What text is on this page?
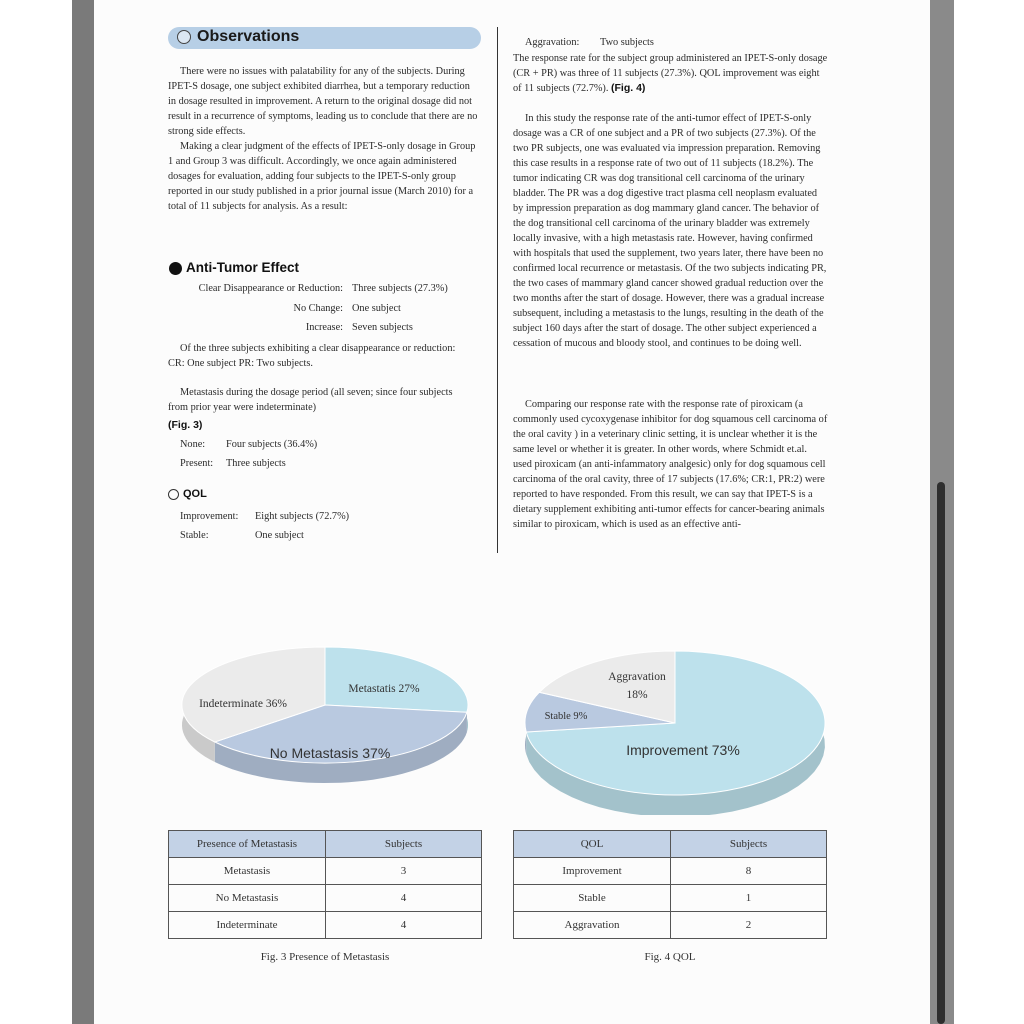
Observations

There were no issues with palatability for any of the subjects. During IPET-S dosage, one subject exhibited diarrhea, but a temporary reduction in dosage resulted in improvement. A return to the original dosage did not result in a recurrence of symptoms, leading us to conclude that there are no strong side effects.

Making a clear judgment of the effects of IPET-S-only dosage in Group 1 and Group 3 was difficult. Accordingly, we once again administered dosages for evaluation, adding four subjects to the IPET-S-only group reported in our study published in a prior journal issue (March 2010) for a total of 11 subjects for analysis. As a result:

Anti-Tumor Effect
Clear Disappearance or Reduction: Three subjects (27.3%)
No Change: One subject
Increase: Seven subjects
Of the three subjects exhibiting a clear disappearance or reduction: CR: One subject PR: Two subjects.
Metastasis during the dosage period (all seven; since four subjects from prior year were indeterminate)
(Fig. 3)
None: Four subjects (36.4%)
Present: Three subjects
QOL
Improvement: Eight subjects (72.7%)
Stable:	One subject
Aggravation: Two subjects
The response rate for the subject group administered an IPET-S-only dosage (CR + PR) was three of 11 subjects (27.3%). QOL improvement was eight of 11 subjects (72.7%). (Fig. 4)
In this study the response rate of the anti-tumor effect of IPET-S-only dosage was a CR of one subject and a PR of two subjects (27.3%). Of the two PR subjects, one was evaluated via impression preparation. Removing this case results in a response rate of two out of 11 subjects (18.2%). The tumor indicating CR was dog transitional cell carcinoma of the urinary bladder. The PR was a dog digestive tract plasma cell neoplasm evaluated by impression preparation as dog mammary gland cancer. The behavior of the dog transitional cell carcinoma of the urinary bladder was extremely locally invasive, with a high metastasis rate. However, having confirmed with hospitals that used the supplement, two years later, there have been no confirmed local recurrence or metastasis. Of the two subjects indicating PR, the two cases of mammary gland cancer showed gradual reduction over the two months after the start of dosage. However, there was a gradual increase subsequent, including a metastasis to the lungs, resulting in the death of the subject 160 days after the start of dosage. The other subject experienced a cessation of mucous and bloody stool, and continues to be doing well.
Comparing our response rate with the response rate of piroxicam (a commonly used cycoxygenase inhibitor for dog squamous cell carcinoma of the oral cavity ) in a veterinary clinic setting, it is unclear whether it is the same level or whether it is greater. In other words, where Schmidt et.al. used piroxicam (an anti-infammatory analgesic) only for dog squamous cell carcinoma of the oral cavity, three of 17 subjects (17.6%; CR:1, PR:2) were reported to have responded. From this result, we can say that IPET-S is a dietary supplement exhibiting anti-tumor effects for cancer-bearing animals similar to piroxicam, which is used as an effective anti-
Metastatis 27%
No Metastasis 37%
Indeterminate 36%
Improvement 73%
Stable 9%
Aggravation
18%
Presence of Metastasis	Subjects
Metastasis	3
No Metastasis	4
Indeterminate	4
Fig. 3 Presence of Metastasis
QOL	Subjects
Improvement	8
Stable	1
Aggravation	2
Fig. 4 QOL
